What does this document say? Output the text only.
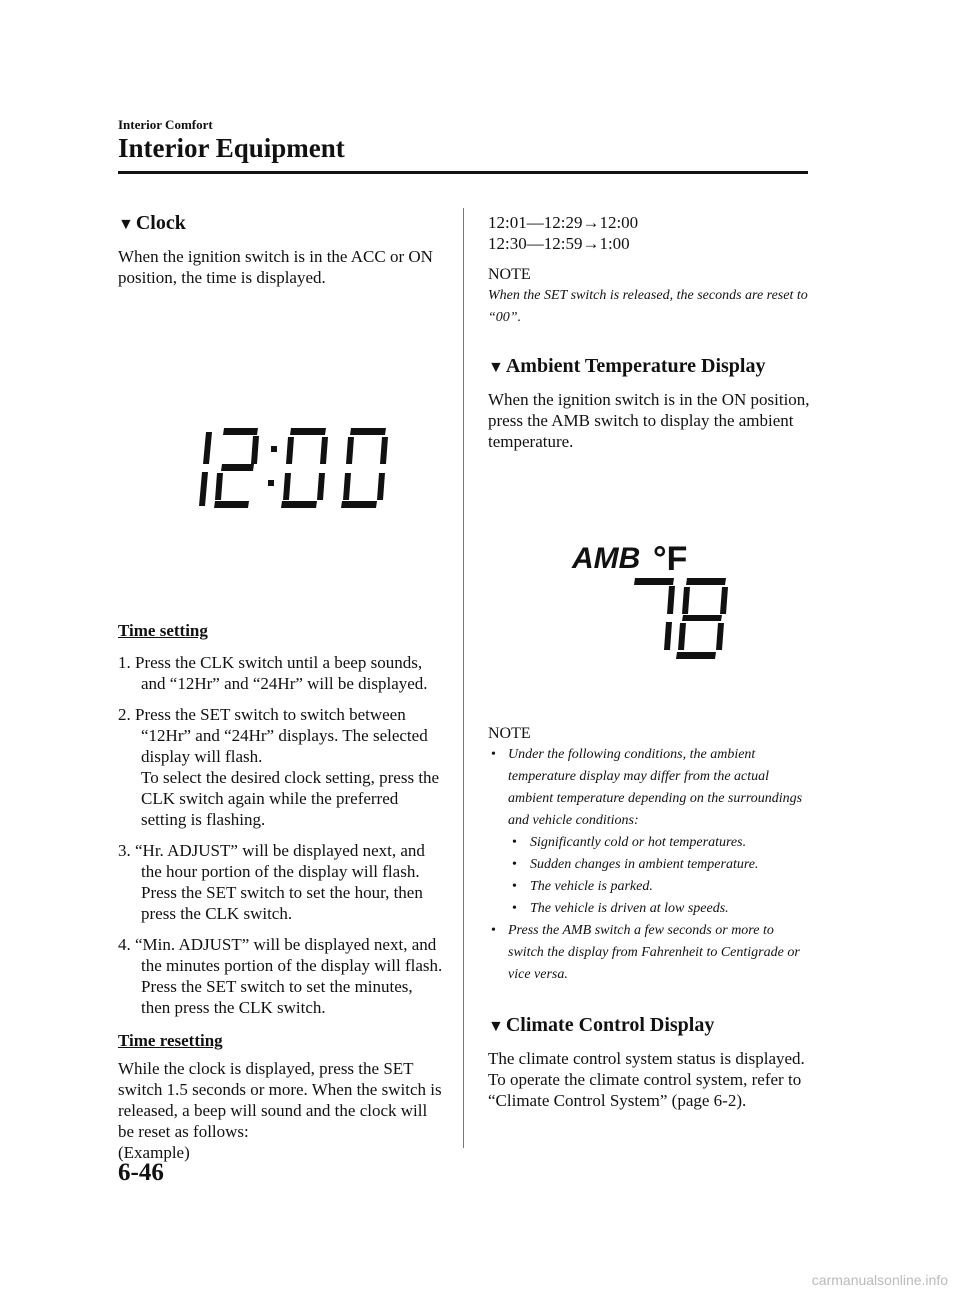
Interior Comfort
Interior Equipment
▼ Clock

When the ignition switch is in the ACC or ON position, the time is displayed.

Time setting

1. Press the CLK switch until a beep sounds, and “12Hr” and “24Hr” will be displayed.
2. Press the SET switch to switch between “12Hr” and “24Hr” displays. The selected display will flash.
To select the desired clock setting, press the CLK switch again while the preferred setting is flashing.
3. “Hr. ADJUST” will be displayed next, and the hour portion of the display will flash. Press the SET switch to set the hour, then press the CLK switch.
4. “Min. ADJUST” will be displayed next, and the minutes portion of the display will flash. Press the SET switch to set the minutes, then press the CLK switch.

Time resetting

While the clock is displayed, press the SET switch 1.5 seconds or more. When the switch is released, a beep will sound and the clock will be reset as follows:
(Example)

12:01―12:29→12:00

12:30―12:59→1:00

NOTE

When the SET switch is released, the seconds are reset to “00”.

▼ Ambient Temperature Display

When the ignition switch is in the ON position, press the AMB switch to display the ambient temperature.

AMB °F

NOTE

• Under the following conditions, the ambient temperature display may differ from the actual ambient temperature depending on the surroundings and vehicle conditions:
• Significantly cold or hot temperatures.
• Sudden changes in ambient temperature.
• The vehicle is parked.
• The vehicle is driven at low speeds.
• Press the AMB switch a few seconds or more to switch the display from Fahrenheit to Centigrade or vice versa.
▼ Climate Control Display

The climate control system status is displayed. To operate the climate control system, refer to “Climate Control System” (page 6-2).

6-46
carmanualsonline.info
